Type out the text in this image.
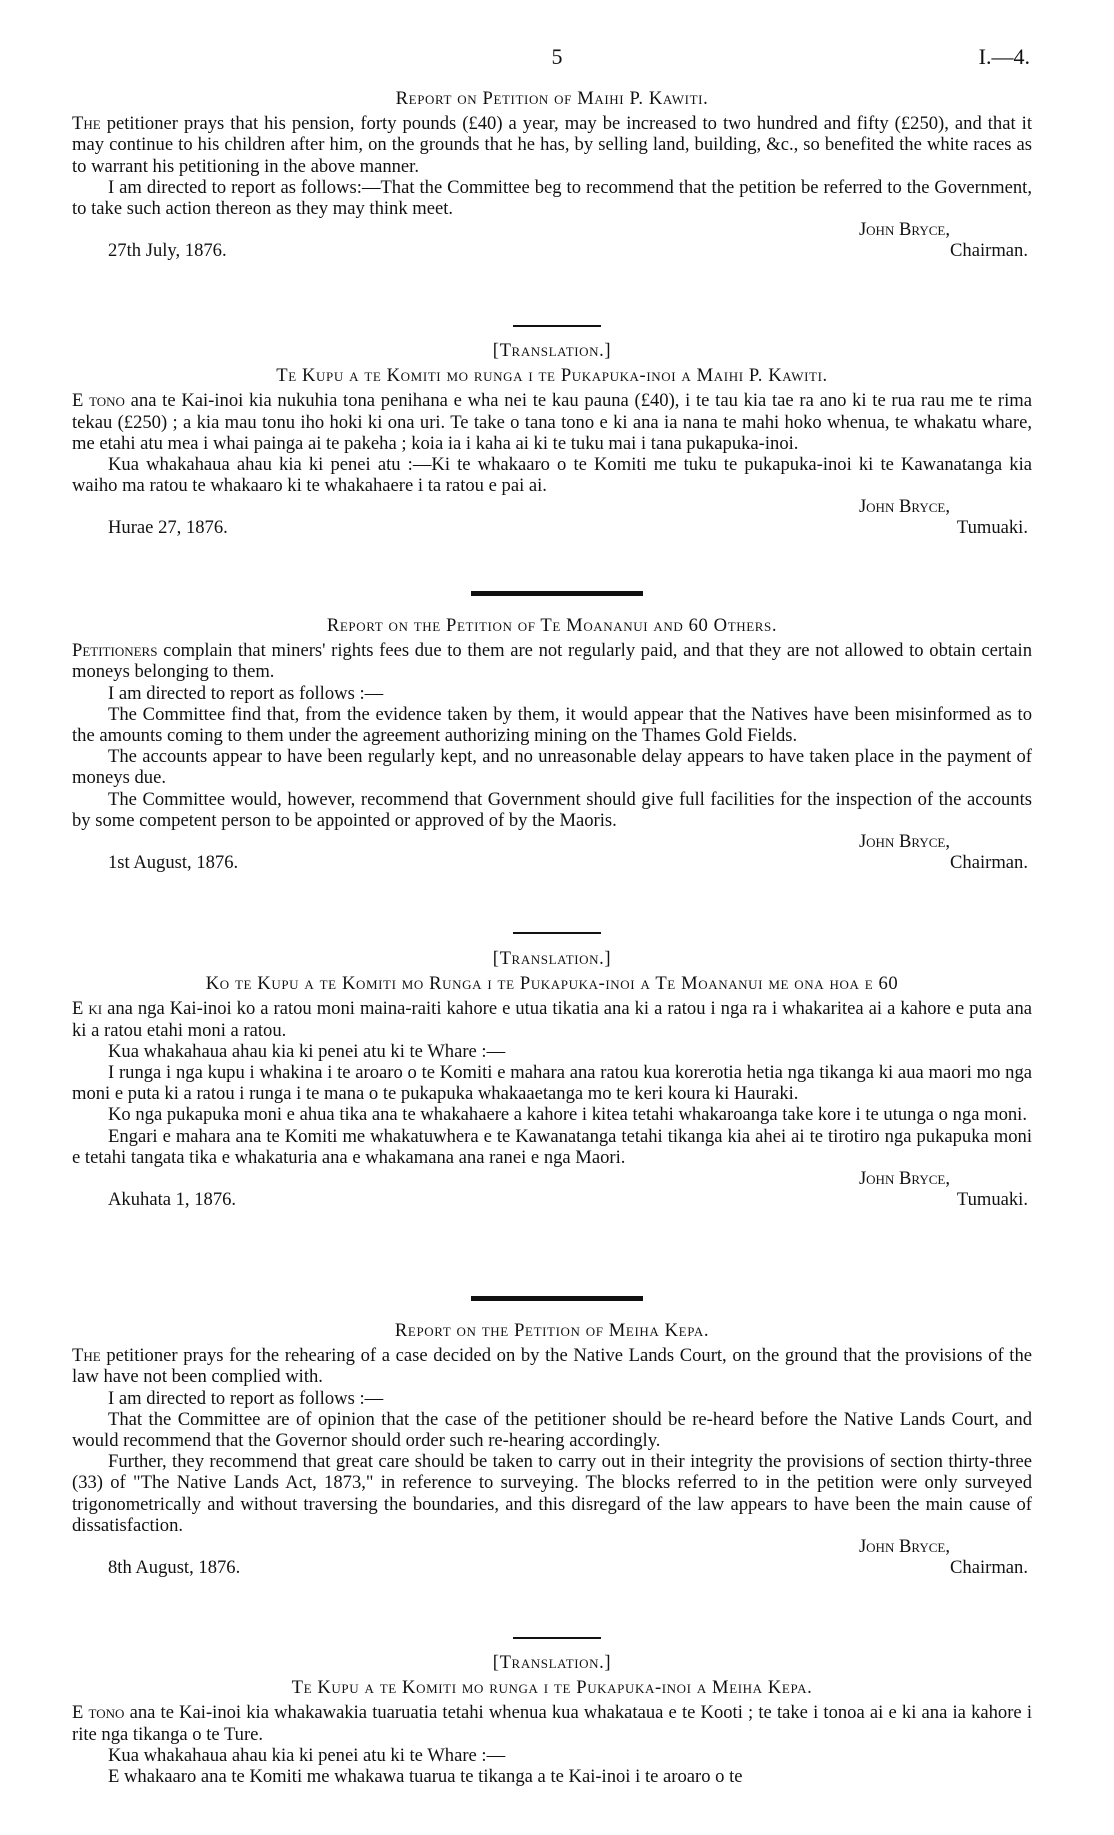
5	I.—4.
Report on Petition of Maihi P. Kawiti.

The petitioner prays that his pension, forty pounds (£40) a year, may be increased to two hundred and fifty (£250), and that it may continue to his children after him, on the grounds that he has, by selling land, building, &c., so benefited the white races as to warrant his petitioning in the above manner.

I am directed to report as follows:—That the Committee beg to recommend that the petition be referred to the Government, to take such action thereon as they may think meet.

John Bryce,
27th July, 1876.	Chairman.
[Translation.]
Te Kupu a te Komiti mo runga i te Pukapuka-inoi a Maihi P. Kawiti.

E tono ana te Kai-inoi kia nukuhia tona penihana e wha nei te kau pauna (£40), i te tau kia tae ra ano ki te rua rau me te rima tekau (£250) ; a kia mau tonu iho hoki ki ona uri. Te take o tana tono e ki ana ia nana te mahi hoko whenua, te whakatu whare, me etahi atu mea i whai painga ai te pakeha ; koia ia i kaha ai ki te tuku mai i tana pukapuka-inoi.

Kua whakahaua ahau kia ki penei atu :—Ki te whakaaro o te Komiti me tuku te pukapuka-inoi ki te Kawanatanga kia waiho ma ratou te whakaaro ki te whakahaere i ta ratou e pai ai.

John Bryce,
Hurae 27, 1876.	Tumuaki.
Report on the Petition of Te Moananui and 60 Others.

Petitioners complain that miners' rights fees due to them are not regularly paid, and that they are not allowed to obtain certain moneys belonging to them.

I am directed to report as follows :—

The Committee find that, from the evidence taken by them, it would appear that the Natives have been misinformed as to the amounts coming to them under the agreement authorizing mining on the Thames Gold Fields.

The accounts appear to have been regularly kept, and no unreasonable delay appears to have taken place in the payment of moneys due.

The Committee would, however, recommend that Government should give full facilities for the inspection of the accounts by some competent person to be appointed or approved of by the Maoris.

John Bryce,
1st August, 1876.	Chairman.
[Translation.]
Ko te Kupu a te Komiti mo Runga i te Pukapuka-inoi a Te Moananui me ona hoa e 60

E ki ana nga Kai-inoi ko a ratou moni maina-raiti kahore e utua tikatia ana ki a ratou i nga ra i whakaritea ai a kahore e puta ana ki a ratou etahi moni a ratou.

Kua whakahaua ahau kia ki penei atu ki te Whare :—

I runga i nga kupu i whakina i te aroaro o te Komiti e mahara ana ratou kua korerotia hetia nga tikanga ki aua maori mo nga moni e puta ki a ratou i runga i te mana o te pukapuka whakaaetanga mo te keri koura ki Hauraki.

Ko nga pukapuka moni e ahua tika ana te whakahaere a kahore i kitea tetahi whakaroanga take kore i te utunga o nga moni.

Engari e mahara ana te Komiti me whakatuwhera e te Kawanatanga tetahi tikanga kia ahei ai te tirotiro nga pukapuka moni e tetahi tangata tika e whakaturia ana e whakamana ana ranei e nga Maori.

John Bryce,
Akuhata 1, 1876.	Tumuaki.
Report on the Petition of Meiha Kepa.

The petitioner prays for the rehearing of a case decided on by the Native Lands Court, on the ground that the provisions of the law have not been complied with.

I am directed to report as follows :—

That the Committee are of opinion that the case of the petitioner should be re-heard before the Native Lands Court, and would recommend that the Governor should order such re-hearing accordingly.

Further, they recommend that great care should be taken to carry out in their integrity the provisions of section thirty-three (33) of "The Native Lands Act, 1873," in reference to surveying. The blocks referred to in the petition were only surveyed trigonometrically and without traversing the boundaries, and this disregard of the law appears to have been the main cause of dissatisfaction.

John Bryce,
8th August, 1876.	Chairman.
[Translation.]
Te Kupu a te Komiti mo runga i te Pukapuka-inoi a Meiha Kepa.

E tono ana te Kai-inoi kia whakawakia tuaruatia tetahi whenua kua whakataua e te Kooti ; te take i tonoa ai e ki ana ia kahore i rite nga tikanga o te Ture.

Kua whakahaua ahau kia ki penei atu ki te Whare :—

E whakaaro ana te Komiti me whakawa tuarua te tikanga a te Kai-inoi i te aroaro o te
